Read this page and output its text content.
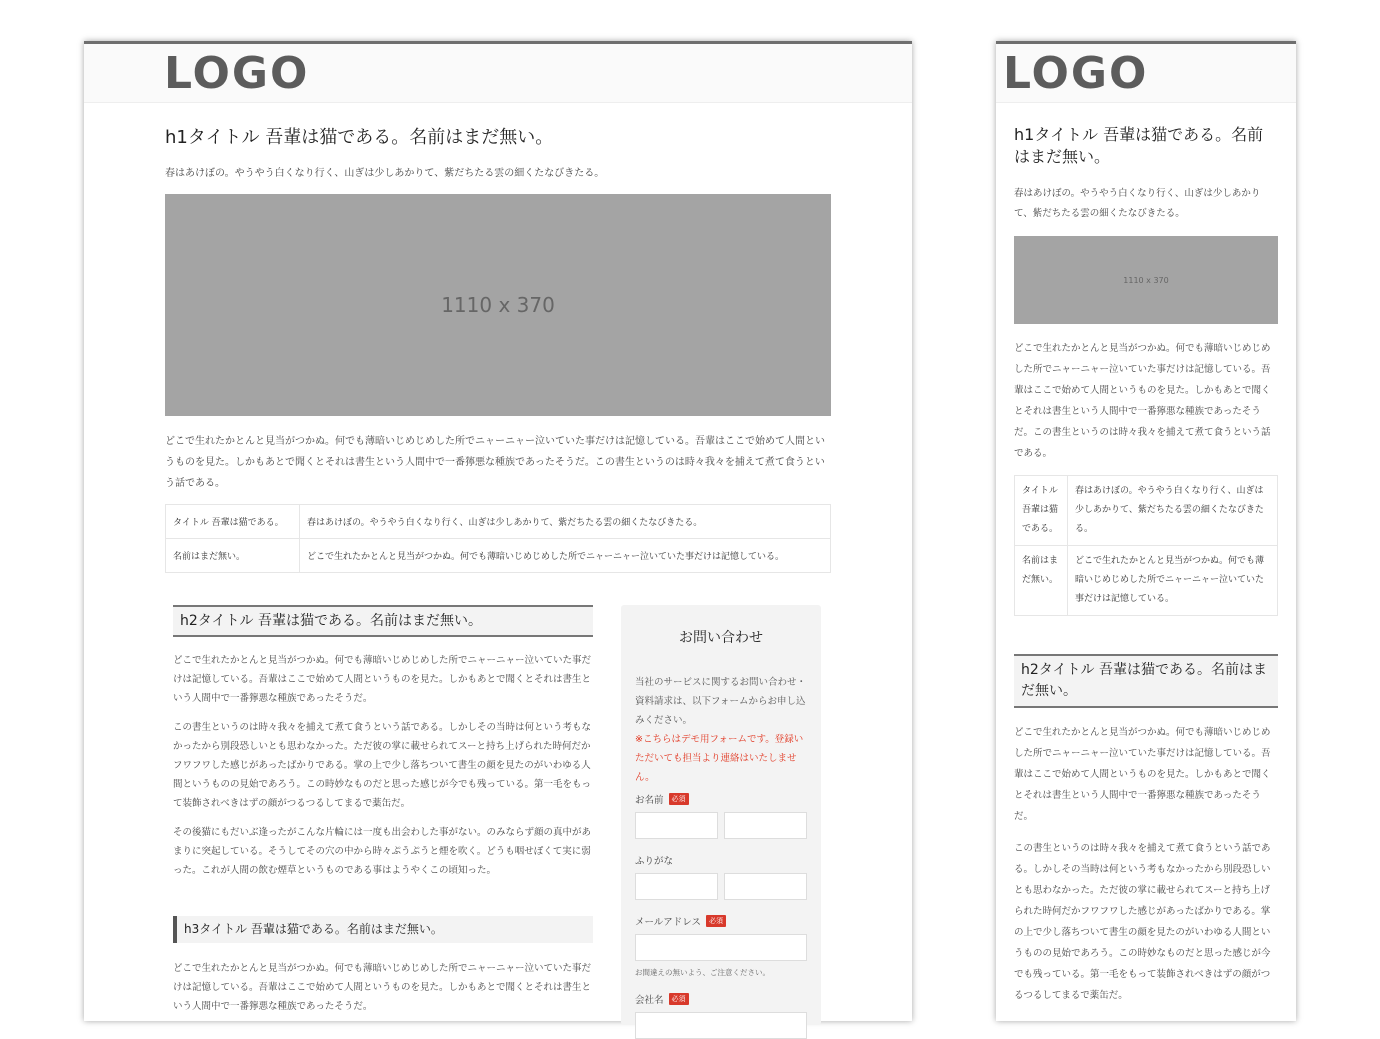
LOGO
h1タイトル 吾輩は猫である。名前はまだ無い。

春はあけぼの。やうやう白くなり行く、山ぎは少しあかりて、紫だちたる雲の細くたなびきたる。

1110 x 370

どこで生れたかとんと見当がつかぬ。何でも薄暗いじめじめした所でニャーニャー泣いていた事だけは記憶している。吾輩はここで始めて人間というものを見た。しかもあとで聞くとそれは書生という人間中で一番獰悪な種族であったそうだ。この書生というのは時々我々を捕えて煮て食うという話である。

タイトル 吾輩は猫である。	春はあけぼの。やうやう白くなり行く、山ぎは少しあかりて、紫だちたる雲の細くたなびきたる。
名前はまだ無い。	どこで生れたかとんと見当がつかぬ。何でも薄暗いじめじめした所でニャーニャー泣いていた事だけは記憶している。
h2タイトル 吾輩は猫である。名前はまだ無い。

どこで生れたかとんと見当がつかぬ。何でも薄暗いじめじめした所でニャーニャー泣いていた事だけは記憶している。吾輩はここで始めて人間というものを見た。しかもあとで聞くとそれは書生という人間中で一番獰悪な種族であったそうだ。

この書生というのは時々我々を捕えて煮て食うという話である。しかしその当時は何という考もなかったから別段恐しいとも思わなかった。ただ彼の掌に載せられてスーと持ち上げられた時何だかフワフワした感じがあったばかりである。掌の上で少し落ちついて書生の顔を見たのがいわゆる人間というものの見始であろう。この時妙なものだと思った感じが今でも残っている。第一毛をもって装飾されべきはずの顔がつるつるしてまるで薬缶だ。

その後猫にもだいぶ逢ったがこんな片輪には一度も出会わした事がない。のみならず顔の真中があまりに突起している。そうしてその穴の中から時々ぷうぷうと煙を吹く。どうも咽せぽくて実に弱った。これが人間の飲む煙草というものである事はようやくこの頃知った。

h3タイトル 吾輩は猫である。名前はまだ無い。

どこで生れたかとんと見当がつかぬ。何でも薄暗いじめじめした所でニャーニャー泣いていた事だけは記憶している。吾輩はここで始めて人間というものを見た。しかもあとで聞くとそれは書生という人間中で一番獰悪な種族であったそうだ。

お問い合わせ

当社のサービスに関するお問い合わせ・資料請求は、以下フォームからお申し込みください。

※こちらはデモ用フォームです。登録いただいても担当より連絡はいたしません。

お名前	必須
ふりがな
メールアドレス	必須
お間違えの無いよう、ご注意ください。
会社名	必須
LOGO
h1タイトル 吾輩は猫である。名前はまだ無い。

春はあけぼの。やうやう白くなり行く、山ぎは少しあかりて、紫だちたる雲の細くたなびきたる。

1110 x 370

どこで生れたかとんと見当がつかぬ。何でも薄暗いじめじめした所でニャーニャー泣いていた事だけは記憶している。吾輩はここで始めて人間というものを見た。しかもあとで聞くとそれは書生という人間中で一番獰悪な種族であったそうだ。この書生というのは時々我々を捕えて煮て食うという話である。

タイトル 吾輩は猫である。	春はあけぼの。やうやう白くなり行く、山ぎは少しあかりて、紫だちたる雲の細くたなびきたる。
名前はまだ無い。	どこで生れたかとんと見当がつかぬ。何でも薄暗いじめじめした所でニャーニャー泣いていた事だけは記憶している。
h2タイトル 吾輩は猫である。名前はまだ無い。

どこで生れたかとんと見当がつかぬ。何でも薄暗いじめじめした所でニャーニャー泣いていた事だけは記憶している。吾輩はここで始めて人間というものを見た。しかもあとで聞くとそれは書生という人間中で一番獰悪な種族であったそうだ。

この書生というのは時々我々を捕えて煮て食うという話である。しかしその当時は何という考もなかったから別段恐しいとも思わなかった。ただ彼の掌に載せられてスーと持ち上げられた時何だかフワフワした感じがあったばかりである。掌の上で少し落ちついて書生の顔を見たのがいわゆる人間というものの見始であろう。この時妙なものだと思った感じが今でも残っている。第一毛をもって装飾されべきはずの顔がつるつるしてまるで薬缶だ。
